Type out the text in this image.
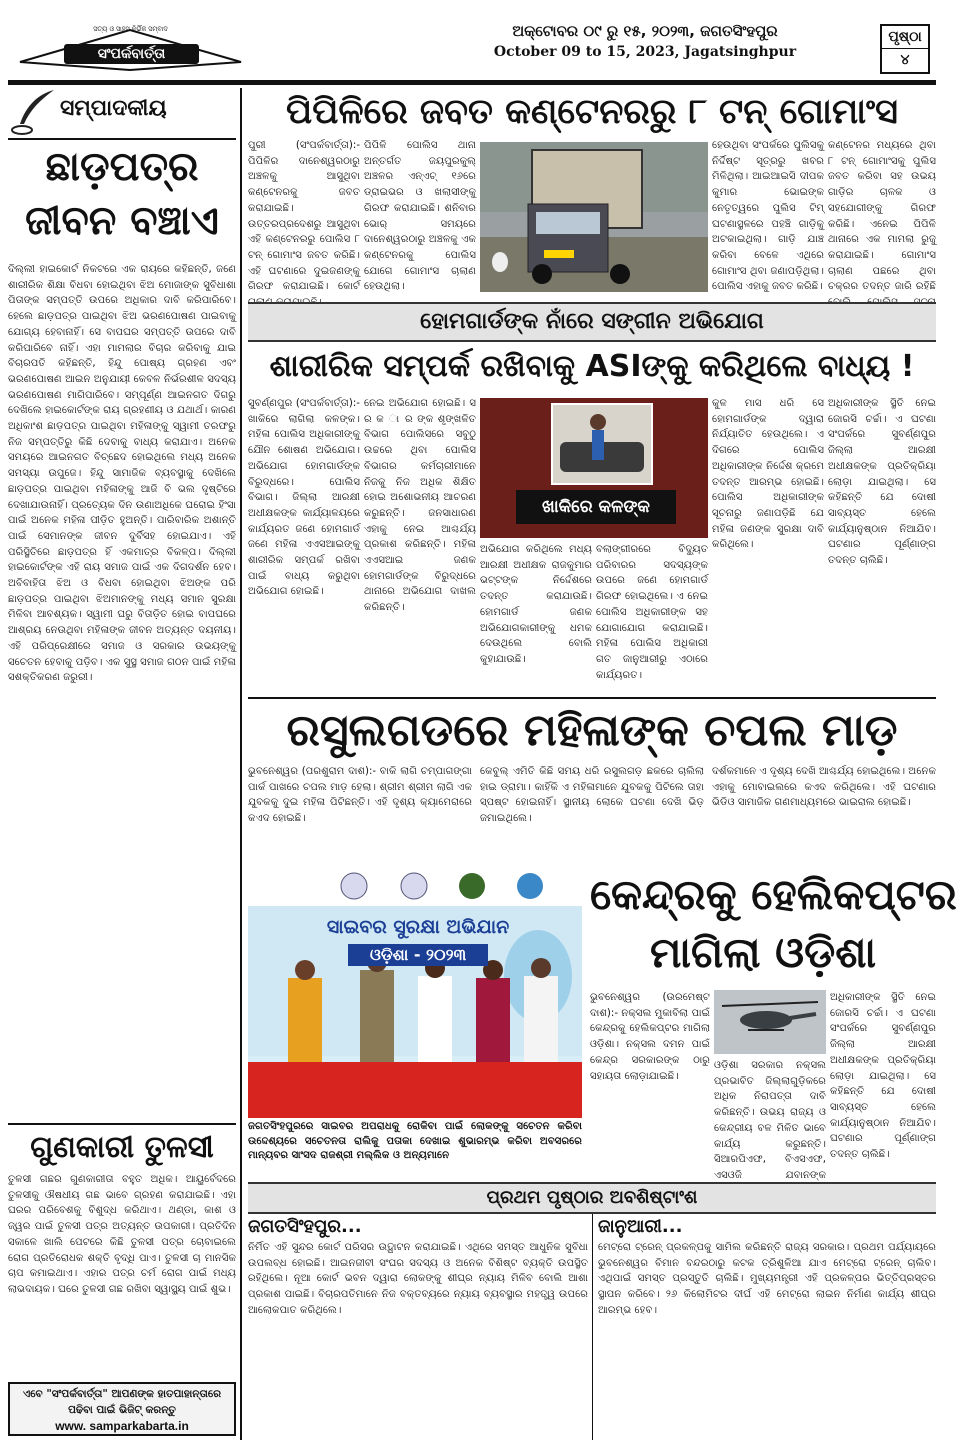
ସତ୍ୟ ଓ ସାହସ ନିର୍ଭିକ ସମ୍ବାଦ
ସଂପର୍କବାର୍ତ୍ତା
ଅକ୍ଟୋବର ୦୯ ରୁ ୧୫, ୨୦୨୩, ଜଗତସିଂହପୁର
October 09 to 15, 2023, Jagatsinghpur
ପୃଷ୍ଠା
୪
ସମ୍ପାଦକୀୟ
ଛାଡ଼ପତ୍ର
ଜୀବନ ବଞ୍ଚାଏ
ଦିଲ୍ଲୀ ହାଇକୋର୍ଟ ନିକଟରେ ଏକ ରାୟରେ କହିଛନ୍ତି, ଜଣେ ଶାରୀରିକ ଶିକ୍ଷା ବିଧବା ହୋଇଥିବା ଝିଅ ମୋଜାଙ୍କ ସୁବିଧାଶା ପିତାଙ୍କ ସମ୍ପତ୍ତି ଉପରେ ଅଧିକାର ଦାବି କରିପାରିବେ। ହେଲେ ଛାଡ଼ପତ୍ର ପାଇଥିବା ଝିଅ ଭରଣପୋଷଣ ପାଇବାକୁ ଯୋଗ୍ୟ ହେବାନାହିଁ। ସେ ବାପଘର ସମ୍ପତ୍ତି ଉପରେ ଦାବି କରିପାରିବେ ନାହିଁ। ଏହା ମାମଲାର ବିଚାର କରିବାକୁ ଯାଇ ବିଚାରପତି କହିଛନ୍ତି, ହିନ୍ଦୁ ପୋଷ୍ୟ ଗ୍ରହଣ ଏବଂ ଭରଣପୋଷଣ ଆଇନ ଅନୁଯାୟୀ କେବଳ ନିର୍ଭରଶୀଳ ସଦସ୍ୟ ଭରଣପୋଷଣ ମାଗିପାରିବେ। ସମ୍ପୂର୍ଣ୍ଣ ଆଇନଗତ ଦିଗରୁ ଦେଖିଲେ ହାଇକୋର୍ଟଙ୍କ ରାୟ ଗ୍ରହଣୀୟ ଓ ଯଥାର୍ଥ। କାରଣ ଅଧିକାଂଶ ଛାଡ଼ପତ୍ର ପାଇଥିବା ମହିଳାଙ୍କୁ ସ୍ୱାମୀ ତରଫରୁ ନିଜ ସମ୍ପତ୍ତିରୁ କିଛି ଦେବାକୁ ବାଧ୍ୟ କରାଯାଏ। ଅନେକ ସମୟରେ ଆଇନଗତ ବିଚ୍ଛେଦ ହୋଇଥିଲେ ମଧ୍ୟ ଅନେକ ସମସ୍ୟା ଉପୁଜେ। ହିନ୍ଦୁ ସାମାଜିକ ବ୍ୟବସ୍ଥାକୁ ଦେଖିଲେ ଛାଡ଼ପତ୍ର ପାଇଥିବା ମହିଳାଙ୍କୁ ଆଜି ବି ଭଲ ଦୃଷ୍ଟିରେ ଦେଖାଯାଉନାହିଁ। ପ୍ରତ୍ୟେକ ଦିନ ଉଣାଅଧିକେ ଘରୋଇ ହିଂସା ପାଇଁ ଅନେକ ମହିଳା ପୀଡ଼ିତ ହୁଅନ୍ତି। ପାରିବାରିକ ଅଶାନ୍ତି ପାଇଁ ସେମାନଙ୍କ ଜୀବନ ଦୁର୍ବିସହ ହୋଇଯାଏ। ଏହି ପରିସ୍ଥିତିରେ ଛାଡ଼ପତ୍ର ହିଁ ଏକମାତ୍ର ବିକଳ୍ପ। ଦିଲ୍ଲୀ ହାଇକୋର୍ଟଙ୍କ ଏହି ରାୟ ସମାଜ ପାଇଁ ଏକ ଦିଗଦର୍ଶନ ହେବ। ଅବିବାହିତା ଝିଅ ଓ ବିଧବା ହୋଇଥିବା ଝିଅଙ୍କ ପରି ଛାଡ଼ପତ୍ର ପାଇଥିବା ଝିଅମାନଙ୍କୁ ମଧ୍ୟ ସମାନ ସୁରକ୍ଷା ମିଳିବା ଆବଶ୍ୟକ। ସ୍ୱାମୀ ଘରୁ ବିତାଡ଼ିତ ହୋଇ ବାପଘରେ ଆଶ୍ରୟ ନେଉଥିବା ମହିଳାଙ୍କ ଜୀବନ ଅତ୍ୟନ୍ତ ଦୟନୀୟ। ଏହି ପରିପ୍ରେକ୍ଷୀରେ ସମାଜ ଓ ସରକାର ଉଭୟଙ୍କୁ ସଚେତନ ହେବାକୁ ପଡ଼ିବ। ଏକ ସୁସ୍ଥ ସମାଜ ଗଠନ ପାଇଁ ମହିଳା ସଶକ୍ତିକରଣ ଜରୁରୀ।
ଗୁଣକାରୀ ତୁଳସୀ
ତୁଳସୀ ଗଛର ଗୁଣକାରୀତା ବହୁତ ଅଧିକ। ଆୟୁର୍ବେଦରେ ତୁଳସୀକୁ ଔଷଧୀୟ ଗଛ ଭାବେ ଗ୍ରହଣ କରାଯାଇଛି। ଏହା ଘରର ପରିବେଶକୁ ବିଶୁଦ୍ଧ କରିଥାଏ। ଥଣ୍ଡା, କାଶ ଓ ଜ୍ୱର ପାଇଁ ତୁଳସୀ ପତ୍ର ଅତ୍ୟନ୍ତ ଉପକାରୀ। ପ୍ରତିଦିନ ସକାଳେ ଖାଲି ପେଟରେ କିଛି ତୁଳସୀ ପତ୍ର ଚୋବାଇଲେ ରୋଗ ପ୍ରତିରୋଧକ ଶକ୍ତି ବୃଦ୍ଧି ପାଏ। ତୁଳସୀ ଚା ମାନସିକ ଚାପ କମାଇଥାଏ। ଏହାର ପତ୍ର ଚର୍ମ ରୋଗ ପାଇଁ ମଧ୍ୟ ଲାଭଦାୟକ। ଘରେ ତୁଳସୀ ଗଛ ରଖିବା ସ୍ୱାସ୍ଥ୍ୟ ପାଇଁ ଶୁଭ।
ଏବେ "ସଂପର୍କବାର୍ତ୍ତା" ଆପଣଙ୍କ ହାତପାହାନ୍ତାରେ
ପଢିବା ପାଇଁ ଭିଜିଟ୍ କରନ୍ତୁ
www. samparkabarta.in
ପିପିଳିରେ ଜବତ କଣ୍ଟେନରରୁ ୮ ଟନ୍ ଗୋମାଂସ
ପୁରୀ (ସଂପର୍କବାର୍ତ୍ତା):- ପିପିଳିର ଦାନେଶ୍ୱରଠାରୁ ଅଞ୍ଚଳକୁ ଆସୁଥିବା କଣ୍ଟେନରକୁ ଜବତ କରାଯାଇଛି। ଉତ୍ତରପ୍ରଦେଶରୁ ଆସୁଥିବା ଏହି କଣ୍ଟେନରରୁ ପୋଲିସ ୮ ଟନ୍ ଗୋମାଂସ ଜବତ କରିଛି। ଏହି ଘଟଣାରେ ଦୁଇଜଣଙ୍କୁ ଗିରଫ କରାଯାଇଛି। କୋର୍ଟ
ପିପିଳି ପୋଲିସ ଥାନା ଅନ୍ତର୍ଗତ ଜୟପୁରକୁଲ୍ ଅଞ୍ଚଳର ଏନ୍ଏଚ୍ ୧୬ରେ ଡ୍ରାଇଭର ଓ ଖଲାସୀଙ୍କୁ ଗିରଫ କରାଯାଇଛି। ଶନିବାର ଭୋର୍ ସମୟରେ ଦାନେଶ୍ୱରଠାରୁ ଅଞ୍ଚଳକୁ ଏକ କଣ୍ଟେନରକୁ ପୋଲିସ ଯୋଗେ ଗୋମାଂସ ଚାଲାଣ ହେଉଥିଲା।
ହେଉଥିବା ସଂପର୍କରେ ପୁଲିସକୁ ନିର୍ଦ୍ଦିଷ୍ଟ ସୂତ୍ରରୁ ଖବର ମିଳିଥିଲା। ଆଇଆଇସି ଦୀପକ କୁମାର ଭୋଇଙ୍କ ନେତୃତ୍ୱରେ ପୁଲିସ ଟିମ୍ ଘଟଣାସ୍ଥଳରେ ପହଞ୍ଚି ଗାଡ଼ିକୁ ଅଟକାଇଥିଲା। ଗାଡ଼ି ଯାଞ୍ଚ କରିବା ବେଳେ ଏଥିରେ ଗୋମାଂସ ଥିବା ଜଣାପଡ଼ିଥିଲା। ପୋଲିସ ଏହାକୁ ଜବତ କରିଛି।
କଣ୍ଟେନର ମଧ୍ୟରେ ଥିବା ୮ ଟନ୍ ଗୋମାଂସକୁ ପୁଲିସ ଜବତ କରିବା ସହ ଉଭୟ ଗାଡ଼ିର ଚାଳକ ଓ ସହଯୋଗୀଙ୍କୁ ଗିରଫ କରିଛି। ଏନେଇ ପିପିଳି ଥାନାରେ ଏକ ମାମଲା ରୁଜୁ କରାଯାଇଛି। ଗୋମାଂସ ଚାଲାଣ ପଛରେ ଥିବା ଚକ୍ରର ତଦନ୍ତ ଜାରି ରହିଛି
ହୋମଗାର୍ଡଙ୍କ ନାଁରେ ସଙ୍ଗୀନ ଅଭିଯୋଗ
ଶାରୀରିକ ସମ୍ପର୍କ ରଖିବାକୁ ASIଙ୍କୁ କରିଥିଲେ ବାଧ୍ୟ !
ସୁବର୍ଣ୍ଣପୁର (ସଂପର୍କବାର୍ତ୍ତା):- ଖାକିରେ ଲାଗିଲା କଳଙ୍କ। ମହିଳା ପୋଲିସ ଅଧିକାରୀଙ୍କୁ ଯୌନ ଶୋଷଣ ଅଭିଯୋଗ। ଅଭିଯୋଗ ହୋମଗାର୍ଡଙ୍କ ବିରୁଦ୍ଧରେ। ପୋଲିସ ବିଭାଗ। ଜିଲ୍ଲା ଆରକ୍ଷୀ ଅଧୀକ୍ଷକଙ୍କ କାର୍ଯ୍ୟାଳୟରେ କାର୍ଯ୍ୟରତ ଜଣେ ହୋମଗାର୍ଡ ଜଣେ ମହିଳା ଏଏସଆଇଙ୍କୁ ଶାରୀରିକ ସମ୍ପର୍କ ରଖିବା ପାଇଁ ବାଧ୍ୟ କରୁଥିବା ଅଭିଯୋଗ ହୋଇଛି।
ନେଇ ଅଭିଯୋଗ ହୋଇଛି। ସ ର କ ା ର ଙ୍କ ଶୃଙ୍ଖଳିତ ବିଭାଗ ପୋଲିସରେ ସବୁଠୁ ଉଚ୍ଚରେ ଥିବା ପୋଲିସ ବିଭାଗର କର୍ମଚାରୀମାନେ ନିଜକୁ ନିଜ ଅଧିକ ଶିକ୍ଷିତ ହୋଇ ଅଶୋଭନୀୟ ଆଚରଣ କରୁଛନ୍ତି। ଜନସାଧାରଣ ଏହାକୁ ନେଇ ଆଶ୍ଚର୍ଯ୍ୟ ପ୍ରକାଶ କରିଛନ୍ତି। ମହିଳା ଏଏସଆଇ ଜଣକ ହୋମଗାର୍ଡଙ୍କ ବିରୁଦ୍ଧରେ ଥାନାରେ ଅଭିଯୋଗ ଦାଖଲ କରିଛନ୍ତି।
ଖାକିରେ କଳଙ୍କ
ଅଭିଯୋଗ କରିଥିଲେ ମଧ୍ୟ ଆରକ୍ଷୀ ଅଧୀକ୍ଷକ ରାଜକୁମାର ଭଟ୍ଟଙ୍କ ନିର୍ଦ୍ଦେଶରେ ତଦନ୍ତ କରାଯାଉଛି। ହୋମଗାର୍ଡ ଜଣକ ଅଭିଯୋଗକାରୀଙ୍କୁ ଧମକ ଦେଉଥିଲେ ବୋଲି କୁହାଯାଉଛି।
ବଲାଙ୍ଗୀରରେ ବିଦ୍ୟୁତ ପରିବାରର ସଦସ୍ୟଙ୍କ ଉପରେ ଜଣେ ହୋମଗାର୍ଡ ଗିରଫ ହୋଇଥିଲେ। ଏ ନେଇ ପୋଲିସ ଅଧିକାରୀଙ୍କ ସହ ଯୋଗାଯୋଗ କରାଯାଇଛି। ମହିଳା ପୋଲିସ ଅଧିକାରୀ ଗତ ଜାନୁଆରୀରୁ ଏଠାରେ କାର୍ଯ୍ୟରତ।
କୁଳ ମାସ ଧରି ସେ ହୋମଗାର୍ଡଙ୍କ ଦ୍ୱାରା ନିର୍ଯ୍ୟାତିତ ହେଉଥିଲେ। ଏ ଦିଗରେ ପୋଲିସ ଅଧିକାରୀଙ୍କ ନିର୍ଦ୍ଦେଶ କ୍ରମେ ତଦନ୍ତ ଆରମ୍ଭ ହୋଇଛି। ପୋଲିସ ଅଧିକାରୀଙ୍କ ସୂଚନାରୁ ଜଣାପଡ଼ିଛି ଯେ ମହିଳା ଜଣଙ୍କ ସୁରକ୍ଷା ଦାବି କରିଥିଲେ।
ଅଧିକାରୀଙ୍କ ସ୍ଥିତି ନେଇ ଜୋରସି ଚର୍ଚ୍ଚା। ଏ ଘଟଣା ସଂପର୍କରେ ସୁବର୍ଣ୍ଣପୁର ଜିଲ୍ଲା ଆରକ୍ଷୀ ଅଧୀକ୍ଷକଙ୍କ ପ୍ରତିକ୍ରିୟା ଲୋଡ଼ା ଯାଇଥିଲା। ସେ କହିଛନ୍ତି ଯେ ଦୋଷୀ ସାବ୍ୟସ୍ତ ହେଲେ କାର୍ଯ୍ୟାନୁଷ୍ଠାନ ନିଆଯିବ। ଘଟଣାର ପୂର୍ଣ୍ଣାଙ୍ଗ ତଦନ୍ତ ଚାଲିଛି।
ରସୁଲଗଡରେ ମହିଳାଙ୍କ ଚପଲ ମାଡ଼
ଭୁବନେଶ୍ୱର (ପରଶୁରାମ ଦାଶ):- ବାକି ଲାଗି ଚମ୍ପାଗଙ୍ଗା ପାର୍କ ପାଖରେ ଚପଲ ମାଡ଼ ହେଲା। ଶ୍ରୀମ ଶ୍ରୀମ ଲାଗି ଏକ ଯୁବକକୁ ଦୁଇ ମହିଳା ପିଟିଛନ୍ତି। ଏହି ଦୃଶ୍ୟ କ୍ୟାମେରାରେ କଏଦ ହୋଇଛି।
କେବୁଲ୍ ଏମିତି କିଛି ସମୟ ଧରି ରସୁଲଗଡ଼ ଛକରେ ଚାଲିଲା ହାଇ ଡ୍ରାମା। କାହିଁକି ଏ ମହିଳାମାନେ ଯୁବକକୁ ପିଟିଲେ ତାହା ସ୍ପଷ୍ଟ ହୋଇନାହିଁ। ସ୍ଥାନୀୟ ଲୋକେ ଘଟଣା ଦେଖି ଭିଡ଼ ଜମାଇଥିଲେ।
ଦର୍ଶକମାନେ ଏ ଦୃଶ୍ୟ ଦେଖି ଆଶ୍ଚର୍ଯ୍ୟ ହୋଇଥିଲେ। ଅନେକ ଏହାକୁ ମୋବାଇଲରେ କଏଦ କରିଥିଲେ। ଏହି ଘଟଣାର ଭିଡିଓ ସାମାଜିକ ଗଣମାଧ୍ୟମରେ ଭାଇରାଲ ହୋଇଛି।
ସାଇବର ସୁରକ୍ଷା ଅଭିଯାନ
ଓଡ଼ିଶା - ୨୦୨୩
ଜଗତସିଂହପୁରରେ ସାଇବର ଅପରାଧକୁ ରୋକିବା ପାଇଁ ଲୋକଙ୍କୁ ସଚେତନ କରିବା ଉଦ୍ଦେଶ୍ୟରେ ସଚେତନତା ରାଲିକୁ ପତାକା ଦେଖାଇ ଶୁଭାରମ୍ଭ କରିବା ଅବସରରେ ମାନ୍ୟବର ସାଂସଦ ରାଜଶ୍ରୀ ମଲ୍ଲିକ ଓ ଅନ୍ୟମାନେ
କେନ୍ଦ୍ରକୁ ହେଲିକପ୍ଟର
ମାଗିଲା ଓଡ଼ିଶା
ଭୁବନେଶ୍ୱର (ଉରମେଷ୍ଟ ଦାଶ):- ନକ୍ସଲ ମୁକାବିଲା ପାଇଁ କେନ୍ଦ୍ରକୁ ହେଲିକପ୍ଟର ମାଗିଲା ଓଡ଼ିଶା। ନକ୍ସଲ ଦମନ ପାଇଁ କେନ୍ଦ୍ର ସରକାରଙ୍କ ଠାରୁ ସହାୟତା ଲୋଡ଼ାଯାଇଛି।
ଓଡ଼ିଶା ସରକାର ନକ୍ସଲ ପ୍ରଭାବିତ ଜିଲ୍ଲାଗୁଡ଼ିକରେ ଅଧିକ ନିରାପତ୍ତା ଦାବି କରିଛନ୍ତି। ଉଭୟ ରାଜ୍ୟ ଓ କେନ୍ଦ୍ରୀୟ ବଳ ମିଳିତ ଭାବେ କାର୍ଯ୍ୟ କରୁଛନ୍ତି। ସିଆରପିଏଫ, ବିଏସଏଫ, ଏସଓଜି ଯବାନଙ୍କ
ଅଧିକାରୀଙ୍କ ସ୍ଥିତି ନେଇ ଜୋରସି ଚର୍ଚ୍ଚା। ଏ ଘଟଣା ସଂପର୍କରେ ସୁବର୍ଣ୍ଣପୁର ଜିଲ୍ଲା ଆରକ୍ଷୀ ଅଧୀକ୍ଷକଙ୍କ ପ୍ରତିକ୍ରିୟା ଲୋଡ଼ା ଯାଇଥିଲା। ସେ କହିଛନ୍ତି ଯେ ଦୋଷୀ ସାବ୍ୟସ୍ତ ହେଲେ କାର୍ଯ୍ୟାନୁଷ୍ଠାନ ନିଆଯିବ। ଘଟଣାର ପୂର୍ଣ୍ଣାଙ୍ଗ ତଦନ୍ତ ଚାଲିଛି।
ପ୍ରଥମ ପୃଷ୍ଠାର ଅବଶିଷ୍ଟାଂଶ
ଜଗତସିଂହପୁର...
ନିର୍ମିତ ଏହି ସୁନ୍ଦର କୋର୍ଟ ପରିସର ଉଦ୍ଘାଟନ କରାଯାଇଛି। ଏଥିରେ ସମସ୍ତ ଆଧୁନିକ ସୁବିଧା ଉପଲବ୍ଧ ହୋଇଛି। ଆଇନଜୀବୀ ସଂଘର ସଦସ୍ୟ ଓ ଅନେକ ବିଶିଷ୍ଟ ବ୍ୟକ୍ତି ଉପସ୍ଥିତ ରହିଥିଲେ। ନୂଆ କୋର୍ଟ ଭବନ ଦ୍ୱାରା ଲୋକଙ୍କୁ ଶୀଘ୍ର ନ୍ୟାୟ ମିଳିବ ବୋଲି ଆଶା ପ୍ରକାଶ ପାଇଛି। ବିଚାରପତିମାନେ ନିଜ ବକ୍ତବ୍ୟରେ ନ୍ୟାୟ ବ୍ୟବସ୍ଥାର ମହତ୍ତ୍ୱ ଉପରେ ଆଲୋକପାତ କରିଥିଲେ।
ଜାନୁଆରୀ...
ମେଟ୍ରୋ ଟ୍ରେନ୍ ପ୍ରକଳ୍ପକୁ ସାମିଲ କରିଛନ୍ତି ରାଜ୍ୟ ସରକାର। ପ୍ରଥମ ପର୍ଯ୍ୟାୟରେ ଭୁବନେଶ୍ୱର ବିମାନ ବନ୍ଦରଠାରୁ କଟକ ତ୍ରିଶୁଳିଆ ଯାଏ ମେଟ୍ରୋ ଟ୍ରେନ୍ ଚାଲିବ। ଏଥିପାଇଁ ସମସ୍ତ ପ୍ରସ୍ତୁତି ଚାଲିଛି। ମୁଖ୍ୟମନ୍ତ୍ରୀ ଏହି ପ୍ରକଳ୍ପର ଭିତ୍ତିପ୍ରସ୍ତର ସ୍ଥାପନ କରିବେ। ୨୬ କିଲୋମିଟର ଦୀର୍ଘ ଏହି ମେଟ୍ରୋ ଲାଇନ ନିର୍ମାଣ କାର୍ଯ୍ୟ ଶୀଘ୍ର ଆରମ୍ଭ ହେବ।
